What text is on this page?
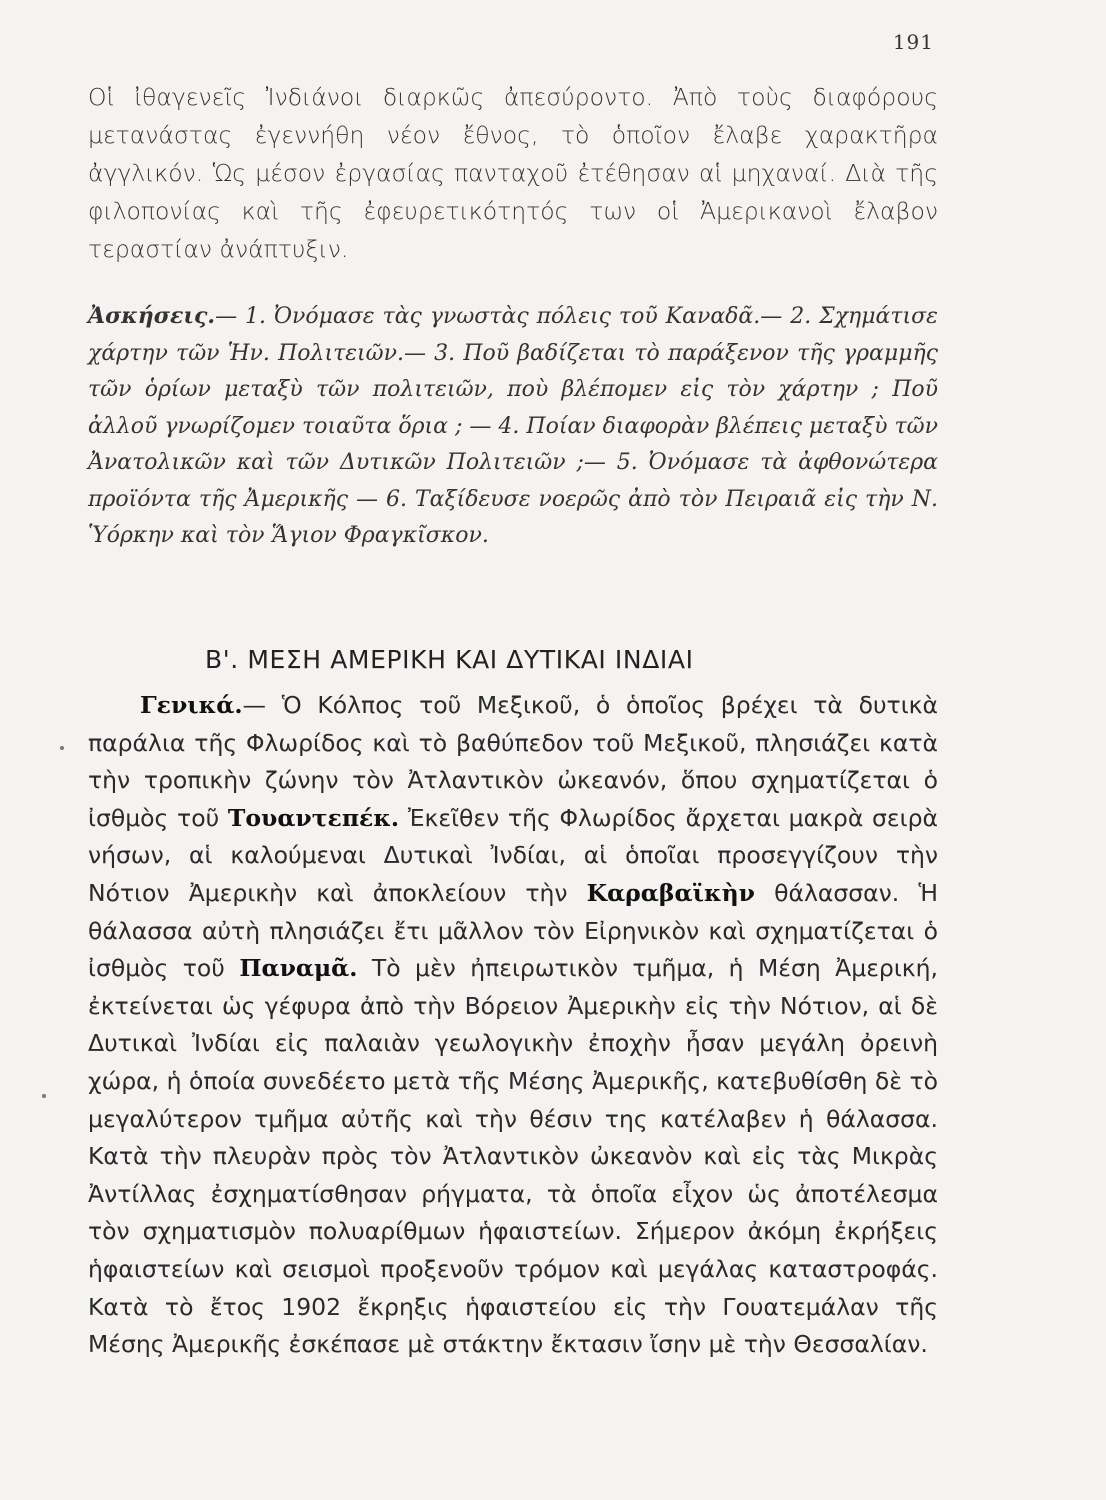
191

Οἱ ἰθαγενεῖς Ἰνδιάνοι διαρκῶς ἀπεσύροντο. Ἀπὸ τοὺς διαφόρους μετανάστας ἐγεννήθη νέον ἔθνος, τὸ ὁποῖον ἔλαβε χαρακτῆρα ἀγγλικόν. Ὡς μέσον ἐργασίας πανταχοῦ ἐτέθησαν αἱ μηχαναί. Διὰ τῆς φιλοπονίας καὶ τῆς ἐφευρετικότητός των οἱ Ἀμερικανοὶ ἔλαβον τεραστίαν ἀνάπτυξιν.

Ἀσκήσεις.— 1. Ὀνόμασε τὰς γνωστὰς πόλεις τοῦ Καναδᾶ.— 2. Σχημάτισε χάρτην τῶν Ἡν. Πολιτειῶν.— 3. Ποῦ βαδίζεται τὸ παράξενον τῆς γραμμῆς τῶν ὁρίων μεταξὺ τῶν πολιτειῶν, ποὺ βλέπομεν εἰς τὸν χάρτην ; Ποῦ ἀλλοῦ γνωρίζομεν τοιαῦτα ὅρια ; — 4. Ποίαν διαφορὰν βλέπεις μεταξὺ τῶν Ἀνατολικῶν καὶ τῶν Δυτικῶν Πολιτειῶν ;— 5. Ὀνόμασε τὰ ἀφθονώτερα προϊόντα τῆς Ἀμερικῆς — 6. Ταξίδευσε νοερῶς ἀπὸ τὸν Πειραιᾶ εἰς τὴν Ν. Ὑόρκην καὶ τὸν Ἅγιον Φραγκῖσκον.

Β'. ΜΕΣΗ ΑΜΕΡΙΚΗ ΚΑΙ ΔΥΤΙΚΑΙ ΙΝΔΙΑΙ

Γενικά.— Ὁ Κόλπος τοῦ Μεξικοῦ, ὁ ὁποῖος βρέχει τὰ δυτικὰ παράλια τῆς Φλωρίδος καὶ τὸ βαθύπεδον τοῦ Μεξικοῦ, πλησιάζει κατὰ τὴν τροπικὴν ζώνην τὸν Ἀτλαντικὸν ὠκεανόν, ὅπου σχηματίζεται ὁ ἰσθμὸς τοῦ Τουαντεπέκ. Ἐκεῖθεν τῆς Φλωρίδος ἄρχεται μακρὰ σειρὰ νήσων, αἱ καλούμεναι Δυτικαὶ Ἰνδίαι, αἱ ὁποῖαι προσεγγίζουν τὴν Νότιον Ἀμερικὴν καὶ ἀποκλείουν τὴν Καραβαϊκὴν θάλασσαν. Ἡ θάλασσα αὐτὴ πλησιάζει ἔτι μᾶλλον τὸν Εἰρηνικὸν καὶ σχηματίζεται ὁ ἰσθμὸς τοῦ Παναμᾶ. Τὸ μὲν ἠπειρωτικὸν τμῆμα, ἡ Μέση Ἀμερική, ἐκτείνεται ὡς γέφυρα ἀπὸ τὴν Βόρειον Ἀμερικὴν εἰς τὴν Νότιον, αἱ δὲ Δυτικαὶ Ἰνδίαι εἰς παλαιὰν γεωλογικὴν ἐποχὴν ἦσαν μεγάλη ὀρεινὴ χώρα, ἡ ὁποία συνεδέετο μετὰ τῆς Μέσης Ἀμερικῆς, κατεβυθίσθη δὲ τὸ μεγαλύτερον τμῆμα αὐτῆς καὶ τὴν θέσιν της κατέλαβεν ἡ θάλασσα. Κατὰ τὴν πλευρὰν πρὸς τὸν Ἀτλαντικὸν ὠκεανὸν καὶ εἰς τὰς Μικρὰς Ἀντίλλας ἐσχηματίσθησαν ρήγματα, τὰ ὁποῖα εἶχον ὡς ἀποτέλεσμα τὸν σχηματισμὸν πολυαρίθμων ἡφαιστείων. Σήμερον ἀκόμη ἐκρήξεις ἡφαιστείων καὶ σεισμοὶ προξενοῦν τρόμον καὶ μεγάλας καταστροφάς. Κατὰ τὸ ἔτος 1902 ἔκρηξις ἡφαιστείου εἰς τὴν Γουατεμάλαν τῆς Μέσης Ἀμερικῆς ἐσκέπασε μὲ στάκτην ἔκτασιν ἴσην μὲ τὴν Θεσσαλίαν.
